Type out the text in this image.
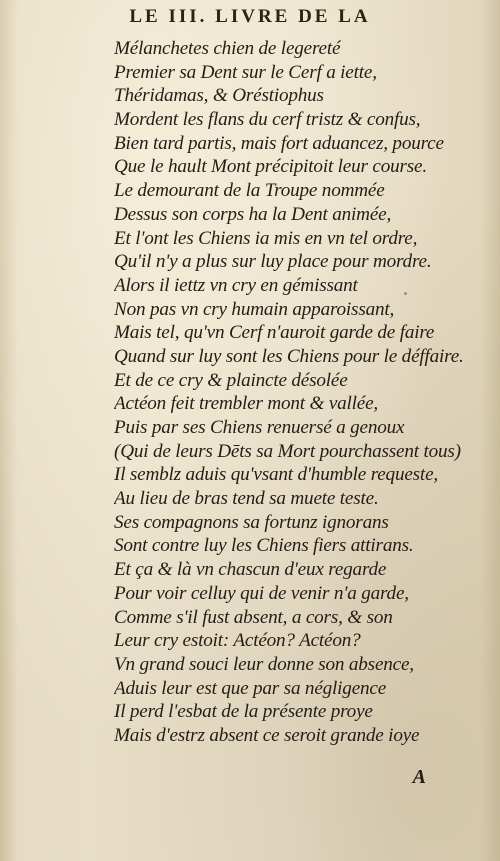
LE III. LIVRE DE LA
Mélanchetes chien de legereté
Premier sa Dent sur le Cerf a iette,
Théridamas, & Oréstiophus
Mordent les flans du cerf tristz & confus,
Bien tard partis, mais fort aduancez, pource
Que le hault Mont précipitoit leur course.
Le demourant de la Troupe nommée
Dessus son corps ha la Dent animée,
Et l'ont les Chiens ia mis en vn tel ordre,
Qu'il n'y a plus sur luy place pour mordre.
Alors il iettz vn cry en gémissant
Non pas vn cry humain apparoissant,
Mais tel, qu'vn Cerf n'auroit garde de faire
Quand sur luy sont les Chiens pour le déffaire.
Et de ce cry & plaincte désolée
Actéon feit trembler mont & vallée,
Puis par ses Chiens renuersé a genoux
(Qui de leurs Dēts sa Mort pourchassent tous)
Il semblz aduis qu'vsant d'humble requeste,
Au lieu de bras tend sa muete teste.
Ses compagnons sa fortunz ignorans
Sont contre luy les Chiens fiers attirans.
Et ça & là vn chascun d'eux regarde
Pour voir celluy qui de venir n'a garde,
Comme s'il fust absent, a cors, & son
Leur cry estoit: Actéon? Actéon?
Vn grand souci leur donne son absence,
Aduis leur est que par sa négligence
Il perd l'esbat de la présente proye
Mais d'estrz absent ce seroit grande ioye
A
